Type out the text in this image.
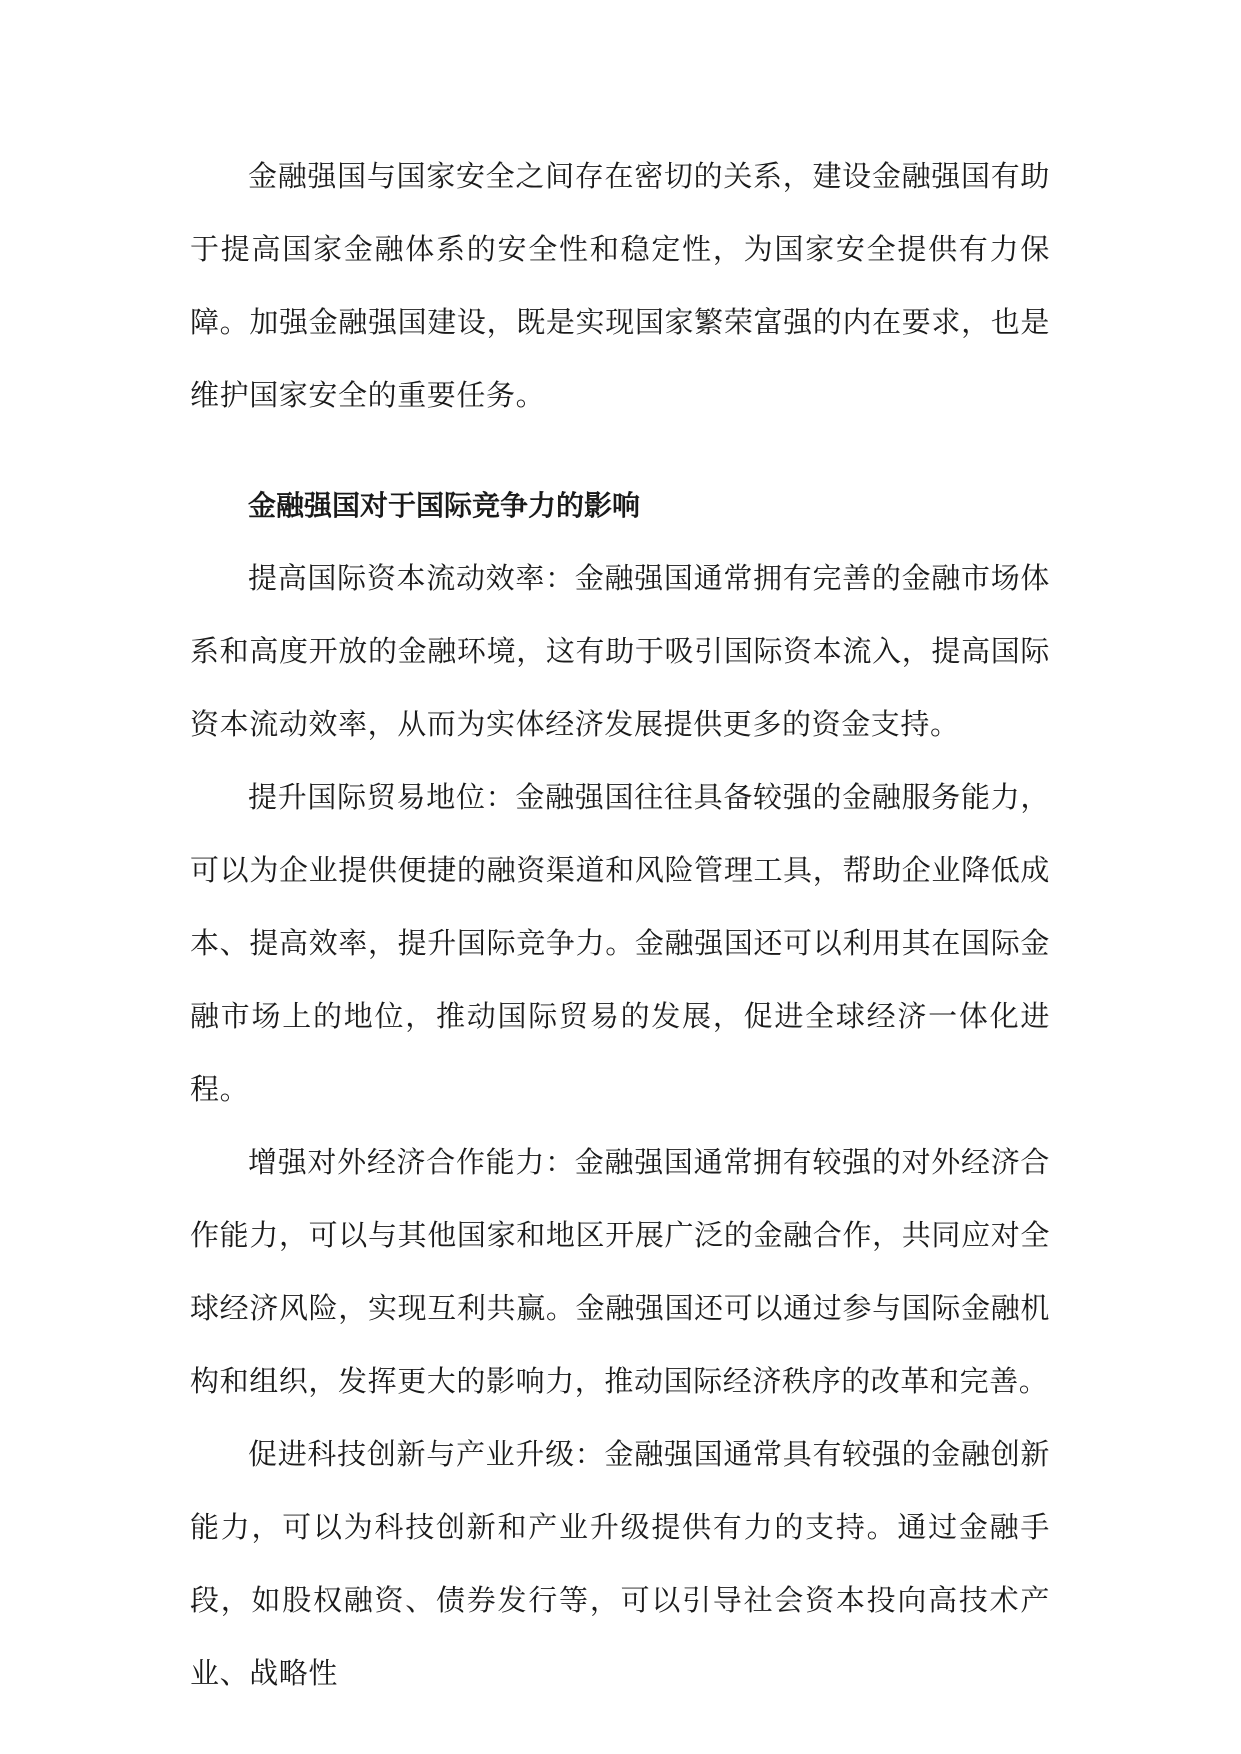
金融强国与国家安全之间存在密切的关系，建设金融强国有助于提高国家金融体系的安全性和稳定性，为国家安全提供有力保障。加强金融强国建设，既是实现国家繁荣富强的内在要求，也是维护国家安全的重要任务。

金融强国对于国际竞争力的影响

提高国际资本流动效率：金融强国通常拥有完善的金融市场体系和高度开放的金融环境，这有助于吸引国际资本流入，提高国际资本流动效率，从而为实体经济发展提供更多的资金支持。

提升国际贸易地位：金融强国往往具备较强的金融服务能力，可以为企业提供便捷的融资渠道和风险管理工具，帮助企业降低成本、提高效率，提升国际竞争力。金融强国还可以利用其在国际金融市场上的地位，推动国际贸易的发展，促进全球经济一体化进程。

增强对外经济合作能力：金融强国通常拥有较强的对外经济合作能力，可以与其他国家和地区开展广泛的金融合作，共同应对全球经济风险，实现互利共赢。金融强国还可以通过参与国际金融机构和组织，发挥更大的影响力，推动国际经济秩序的改革和完善。

促进科技创新与产业升级：金融强国通常具有较强的金融创新能力，可以为科技创新和产业升级提供有力的支持。通过金融手段，如股权融资、债券发行等，可以引导社会资本投向高技术产业、战略性
